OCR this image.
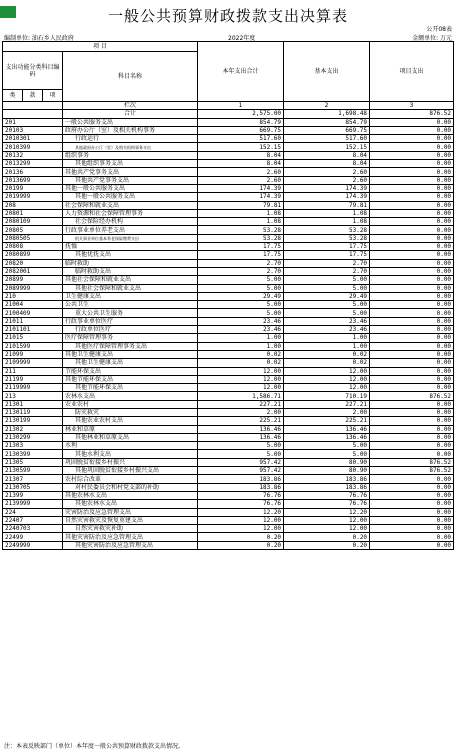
一般公共预算财政拨款支出决算表
公开08表
编制单位: 油石乡人民政府	2022年度	金额单位: 万元
项 目				本年支出合计	基本支出	项目支出
支出功能分类科目编码			科目名称			
类	款	项				
			栏次	1	2	3
			合计	2,575.00	1,698.48	876.52
201			一般公共服务支出	854.79	854.79	0.00
20103			政府办公厅（室）及相关机构事务	669.75	669.75	0.00
2010301			行政运行	517.60	517.60	0.00
2010399			其他政府办公厅（室）及相关机构事务支出	152.15	152.15	0.00
20132			组织事务	8.04	8.04	0.00
2013299			其他组织事务支出	8.04	8.04	0.00
20136			其他共产党事务支出	2.60	2.60	0.00
2013699			其他共产党事务支出	2.60	2.60	0.00
20199			其他一般公共服务支出	174.39	174.39	0.00
2019999			其他一般公共服务支出	174.39	174.39	0.00
208			社会保障和就业支出	79.81	79.81	0.00
20801			人力资源和社会保障管理事务	1.08	1.08	0.00
2080109			社会保险经办机构	1.08	1.08	0.00
20805			行政事业单位养老支出	53.28	53.28	0.00
2080505			机关事业单位基本养老保险缴费支出	53.28	53.28	0.00
20808			抚恤	17.75	17.75	0.00
2080899			其他优抚支出	17.75	17.75	0.00
20820			临时救助	2.70	2.70	0.00
2082001			临时救助支出	2.70	2.70	0.00
20899			其他社会保障和就业支出	5.00	5.00	0.00
2089999			其他社会保障和就业支出	5.00	5.00	0.00
210			卫生健康支出	29.49	29.49	0.00
21004			公共卫生	5.00	5.00	0.00
2100409			重大公共卫生服务	5.00	5.00	0.00
21011			行政事业单位医疗	23.46	23.46	0.00
2101101			行政单位医疗	23.46	23.46	0.00
21015			医疗保障管理事务	1.00	1.00	0.00
2101599			其他医疗保障管理事务支出	1.00	1.00	0.00
21099			其他卫生健康支出	0.02	0.02	0.00
2109999			其他卫生健康支出	0.02	0.02	0.00
211			节能环保支出	12.00	12.00	0.00
21199			其他节能环保支出	12.00	12.00	0.00
2119999			其他节能环保支出	12.00	12.00	0.00
213			农林水支出	1,586.71	710.19	876.52
21301			农业农村	227.21	227.21	0.00
2130119			防灾救灾	2.00	2.00	0.00
2130199			其他农业农村支出	225.21	225.21	0.00
21302			林业和草原	136.46	136.46	0.00
2130299			其他林业和草原支出	136.46	136.46	0.00
21303			水利	5.00	5.00	0.00
2130399			其他水利支出	5.00	5.00	0.00
21305			巩固脱贫衔接乡村振兴	957.42	80.90	876.52
2130599			其他巩固脱贫衔接乡村振兴支出	957.42	80.90	876.52
21307			农村综合改革	183.86	183.86	0.00
2130705			对村民委员会和村党支部的补助	183.86	183.86	0.00
21399			其他农林水支出	76.76	76.76	0.00
2139999			其他农林水支出	76.76	76.76	0.00
224			灾害防治及应急管理支出	12.20	12.20	0.00
22407			自然灾害救灾及恢复重建支出	12.00	12.00	0.00
2240703			自然灾害救灾补助	12.00	12.00	0.00
22499			其他灾害防治及应急管理支出	0.20	0.20	0.00
2249999			其他灾害防治及应急管理支出	0.20	0.20	0.00
注：本表反映部门（单位）本年度一般公共预算财政拨款支出情况。
